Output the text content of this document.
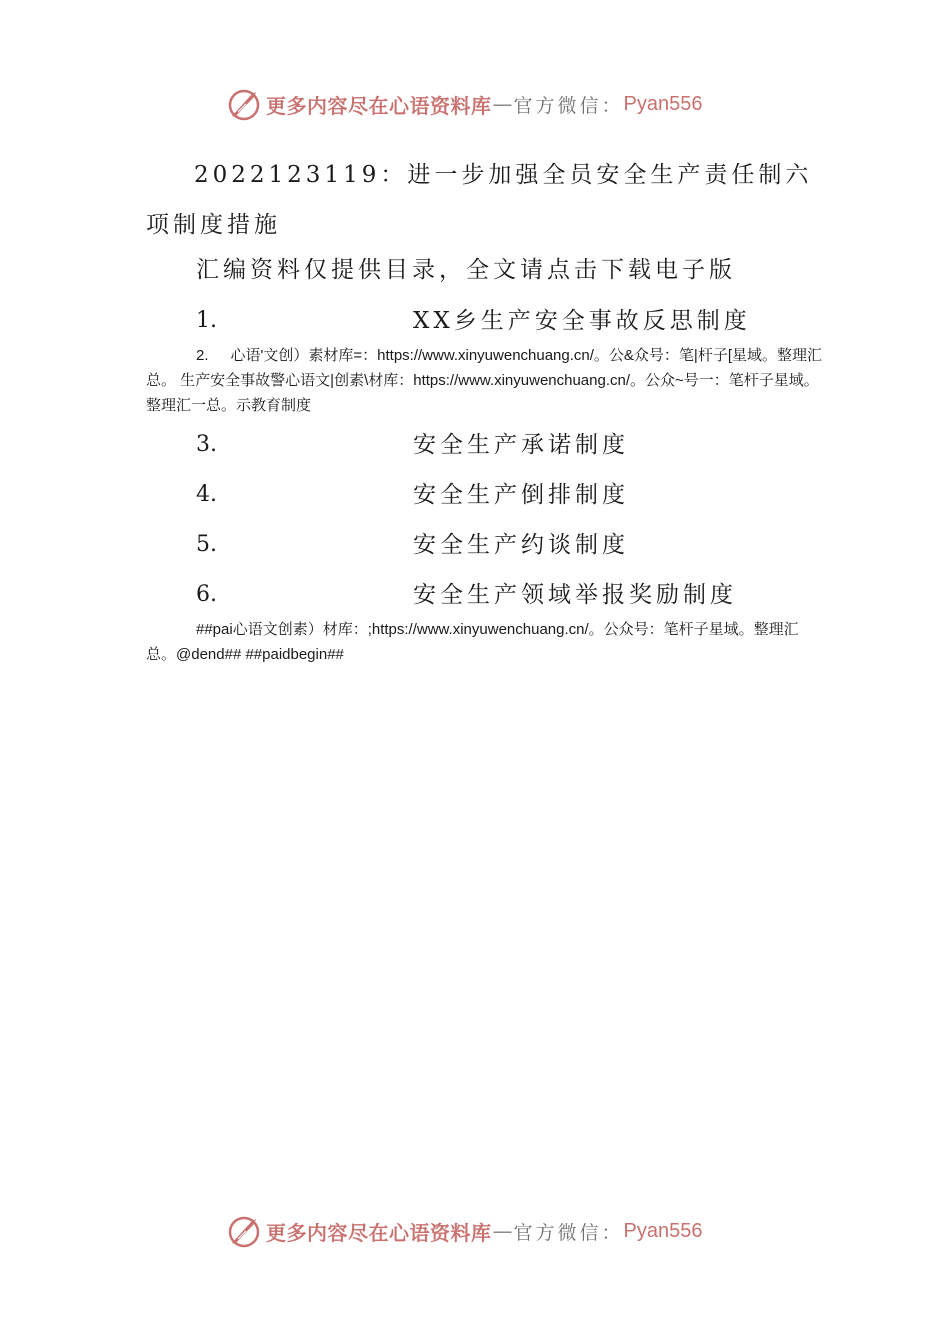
更多内容尽在心语资料库 — 官方微信： Pyan556
2022123119：进一步加强全员安全生产责任制六项制度措施
汇编资料仅提供目录，全文请点击下载电子版
1.	XX乡生产安全事故反思制度
2. 心语'文创）素材库=：https://www.xinyuwenchuang.cn/。公&众号：笔|杆子[星域。整理汇总。 生产安全事故警心语文|创素\材库：https://www.xinyuwenchuang.cn/。公众~号一：笔杆子星域。整理汇一总。示教育制度
3.	安全生产承诺制度
4.	安全生产倒排制度
5.	安全生产约谈制度
6.	安全生产领域举报奖励制度
##pai心语文创素）材库：;https://www.xinyuwenchuang.cn/。公众号：笔杆子星域。整理汇总。@dend## ##paidbegin##
更多内容尽在心语资料库 — 官方微信： Pyan556
